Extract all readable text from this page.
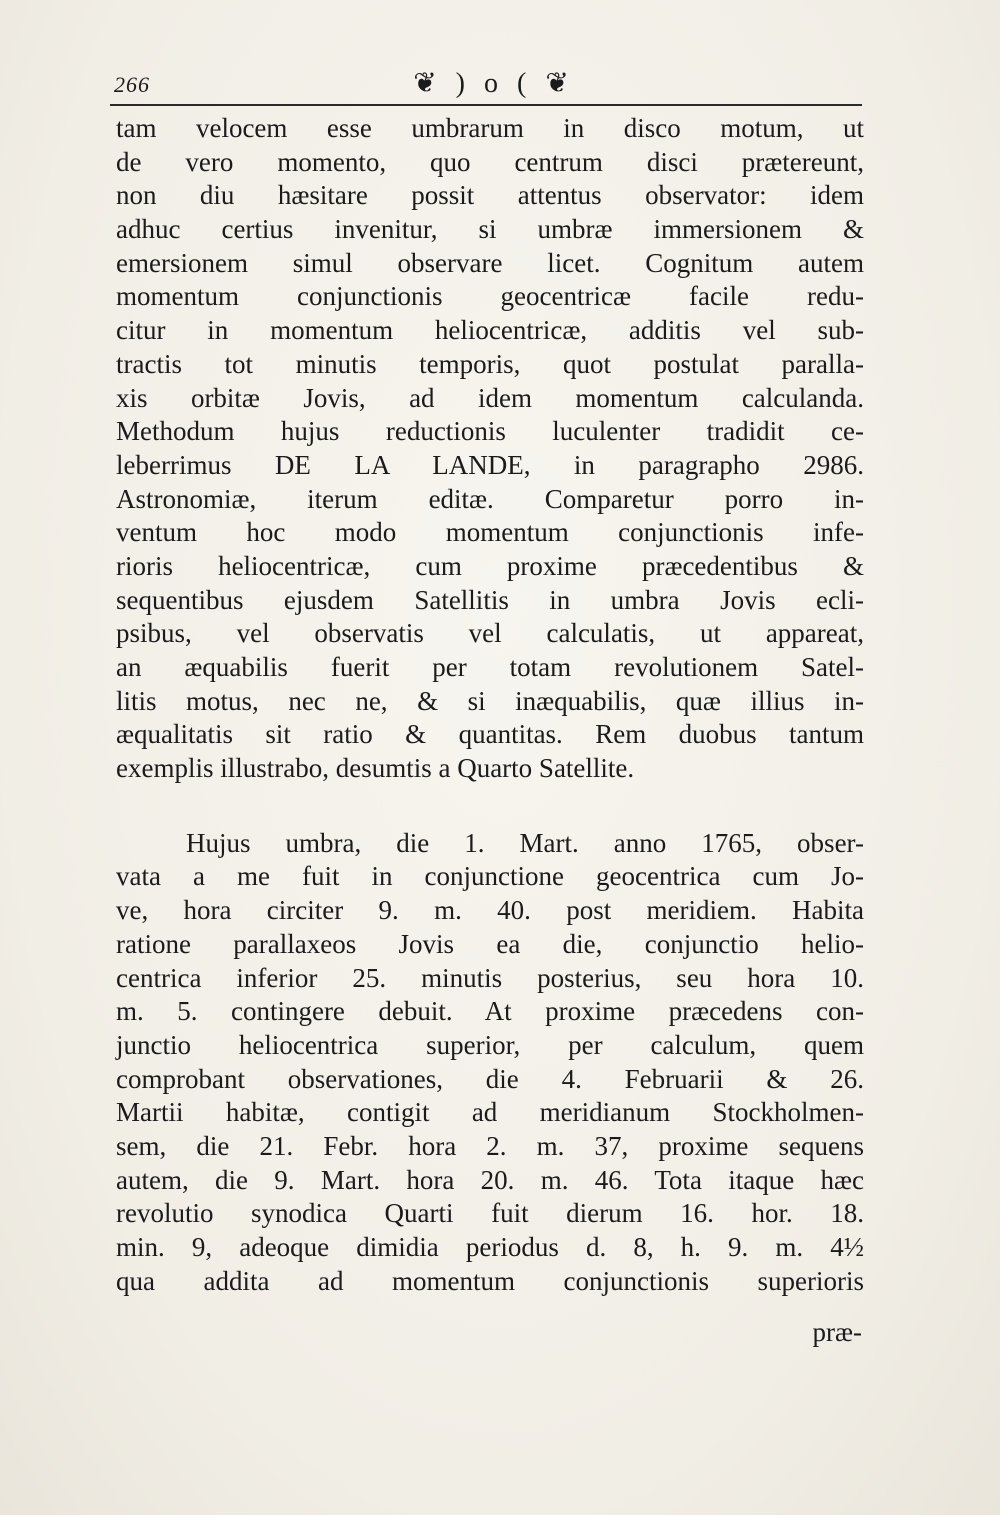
266	❦ ) o ( ❦
tam velocem esse umbrarum in disco motum, ut
de vero momento, quo centrum disci prætereunt,
non diu hæsitare possit attentus observator: idem
adhuc certius invenitur, si umbræ immersionem &
emersionem simul observare licet. Cognitum autem
momentum conjunctionis geocentricæ facile redu-
citur in momentum heliocentricæ, additis vel sub-
tractis tot minutis temporis, quot postulat paralla-
xis orbitæ Jovis, ad idem momentum calculanda.
Methodum hujus reductionis luculenter tradidit ce-
leberrimus DE LA LANDE, in paragrapho 2986.
Astronomiæ, iterum editæ. Comparetur porro in-
ventum hoc modo momentum conjunctionis infe-
rioris heliocentricæ, cum proxime præcedentibus &
sequentibus ejusdem Satellitis in umbra Jovis ecli-
psibus, vel observatis vel calculatis, ut appareat,
an æquabilis fuerit per totam revolutionem Satel-
litis motus, nec ne, & si inæquabilis, quæ illius in-
æqualitatis sit ratio & quantitas. Rem duobus tantum
exemplis illustrabo, desumtis a Quarto Satellite.
Hujus umbra, die 1. Mart. anno 1765, obser-
vata a me fuit in conjunctione geocentrica cum Jo-
ve, hora circiter 9. m. 40. post meridiem. Habita
ratione parallaxeos Jovis ea die, conjunctio helio-
centrica inferior 25. minutis posterius, seu hora 10.
m. 5. contingere debuit. At proxime præcedens con-
junctio heliocentrica superior, per calculum, quem
comprobant observationes, die 4. Februarii & 26.
Martii habitæ, contigit ad meridianum Stockholmen-
sem, die 21. Febr. hora 2. m. 37, proxime sequens
autem, die 9. Mart. hora 20. m. 46. Tota itaque hæc
revolutio synodica Quarti fuit dierum 16. hor. 18.
min. 9, adeoque dimidia periodus d. 8, h. 9. m. 4½
qua addita ad momentum conjunctionis superioris
præ-
